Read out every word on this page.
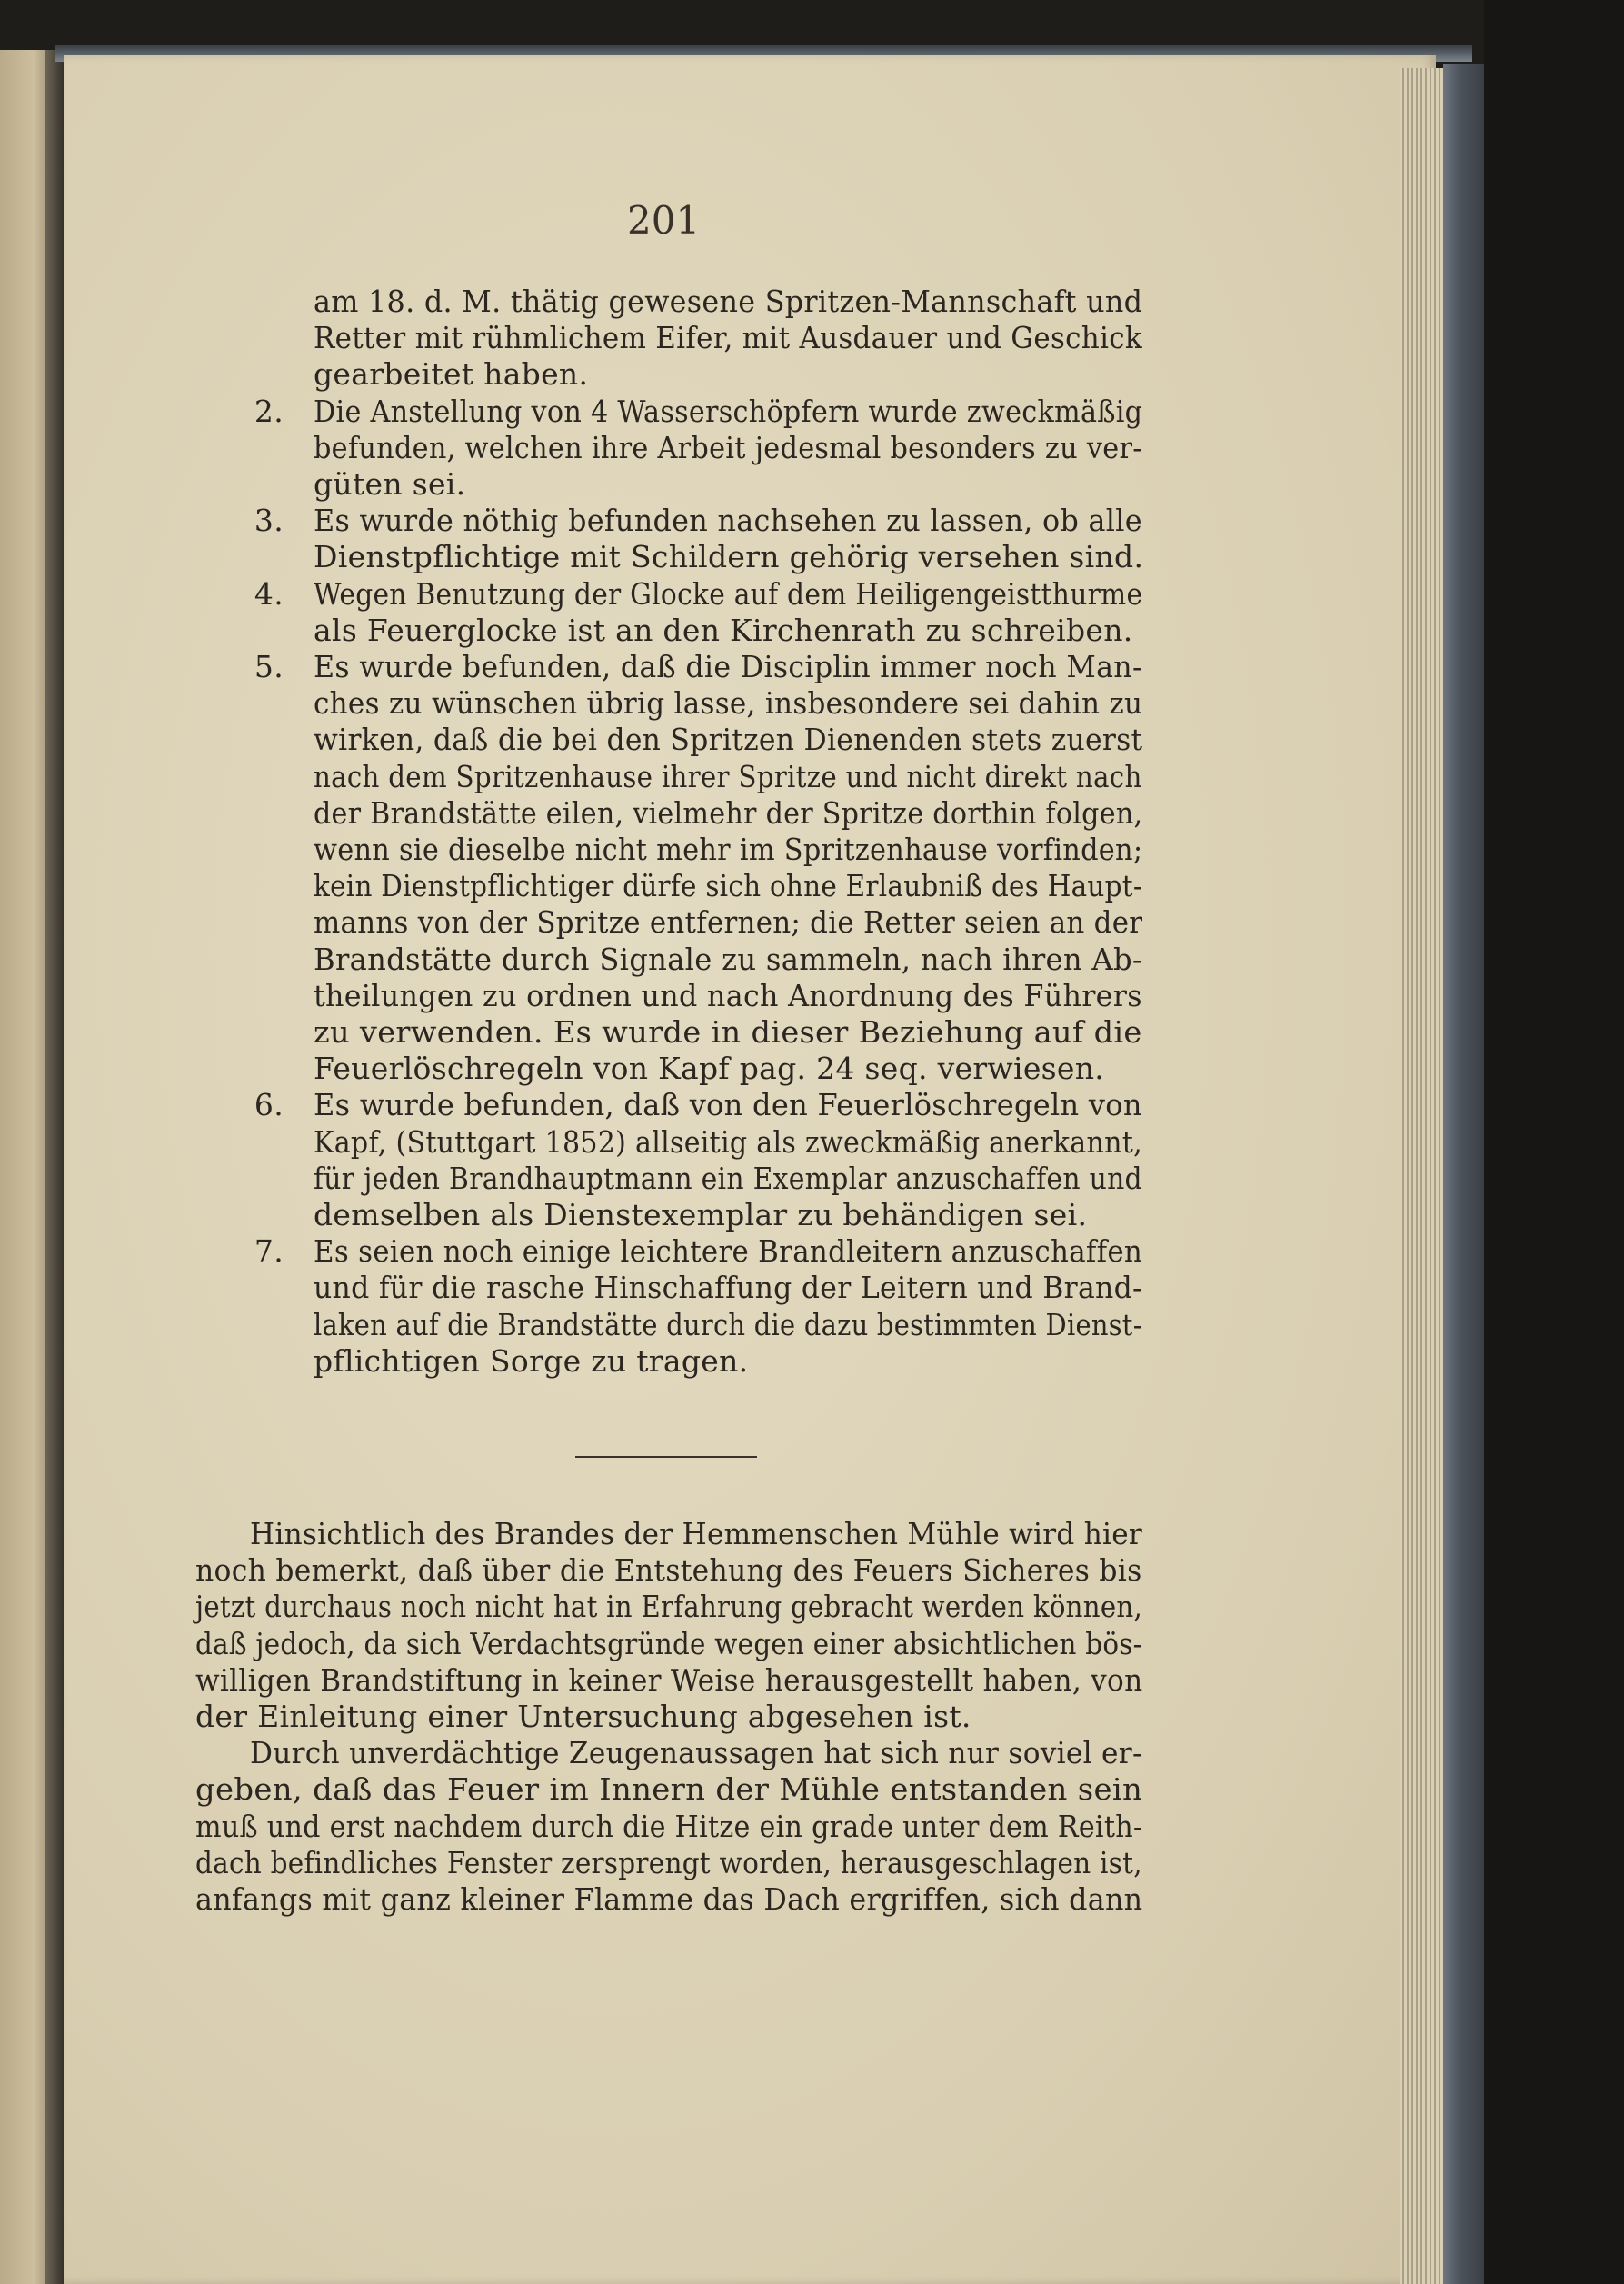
201
am 18. d. M. thätig gewesene Spritzen-Mannschaft und
Retter mit rühmlichem Eifer, mit Ausdauer und Geschick
gearbeitet haben.
2. Die Anstellung von 4 Wasserschöpfern wurde zweckmäßig
befunden, welchen ihre Arbeit jedesmal besonders zu ver-
güten sei.
3. Es wurde nöthig befunden nachsehen zu lassen, ob alle
Dienstpflichtige mit Schildern gehörig versehen sind.
4. Wegen Benutzung der Glocke auf dem Heiligengeistthurme
als Feuerglocke ist an den Kirchenrath zu schreiben.
5. Es wurde befunden, daß die Disciplin immer noch Man-
ches zu wünschen übrig lasse, insbesondere sei dahin zu
wirken, daß die bei den Spritzen Dienenden stets zuerst
nach dem Spritzenhause ihrer Spritze und nicht direkt nach
der Brandstätte eilen, vielmehr der Spritze dorthin folgen,
wenn sie dieselbe nicht mehr im Spritzenhause vorfinden;
kein Dienstpflichtiger dürfe sich ohne Erlaubniß des Haupt-
manns von der Spritze entfernen; die Retter seien an der
Brandstätte durch Signale zu sammeln, nach ihren Ab-
theilungen zu ordnen und nach Anordnung des Führers
zu verwenden. Es wurde in dieser Beziehung auf die
Feuerlöschregeln von Kapf pag. 24 seq. verwiesen.
6. Es wurde befunden, daß von den Feuerlöschregeln von
Kapf, (Stuttgart 1852) allseitig als zweckmäßig anerkannt,
für jeden Brandhauptmann ein Exemplar anzuschaffen und
demselben als Dienstexemplar zu behändigen sei.
7. Es seien noch einige leichtere Brandleitern anzuschaffen
und für die rasche Hinschaffung der Leitern und Brand-
laken auf die Brandstätte durch die dazu bestimmten Dienst-
pflichtigen Sorge zu tragen.
Hinsichtlich des Brandes der Hemmenschen Mühle wird hier
noch bemerkt, daß über die Entstehung des Feuers Sicheres bis
jetzt durchaus noch nicht hat in Erfahrung gebracht werden können,
daß jedoch, da sich Verdachtsgründe wegen einer absichtlichen bös-
willigen Brandstiftung in keiner Weise herausgestellt haben, von
der Einleitung einer Untersuchung abgesehen ist.
Durch unverdächtige Zeugenaussagen hat sich nur soviel er-
geben, daß das Feuer im Innern der Mühle entstanden sein
muß und erst nachdem durch die Hitze ein grade unter dem Reith-
dach befindliches Fenster zersprengt worden, herausgeschlagen ist,
anfangs mit ganz kleiner Flamme das Dach ergriffen, sich dann
